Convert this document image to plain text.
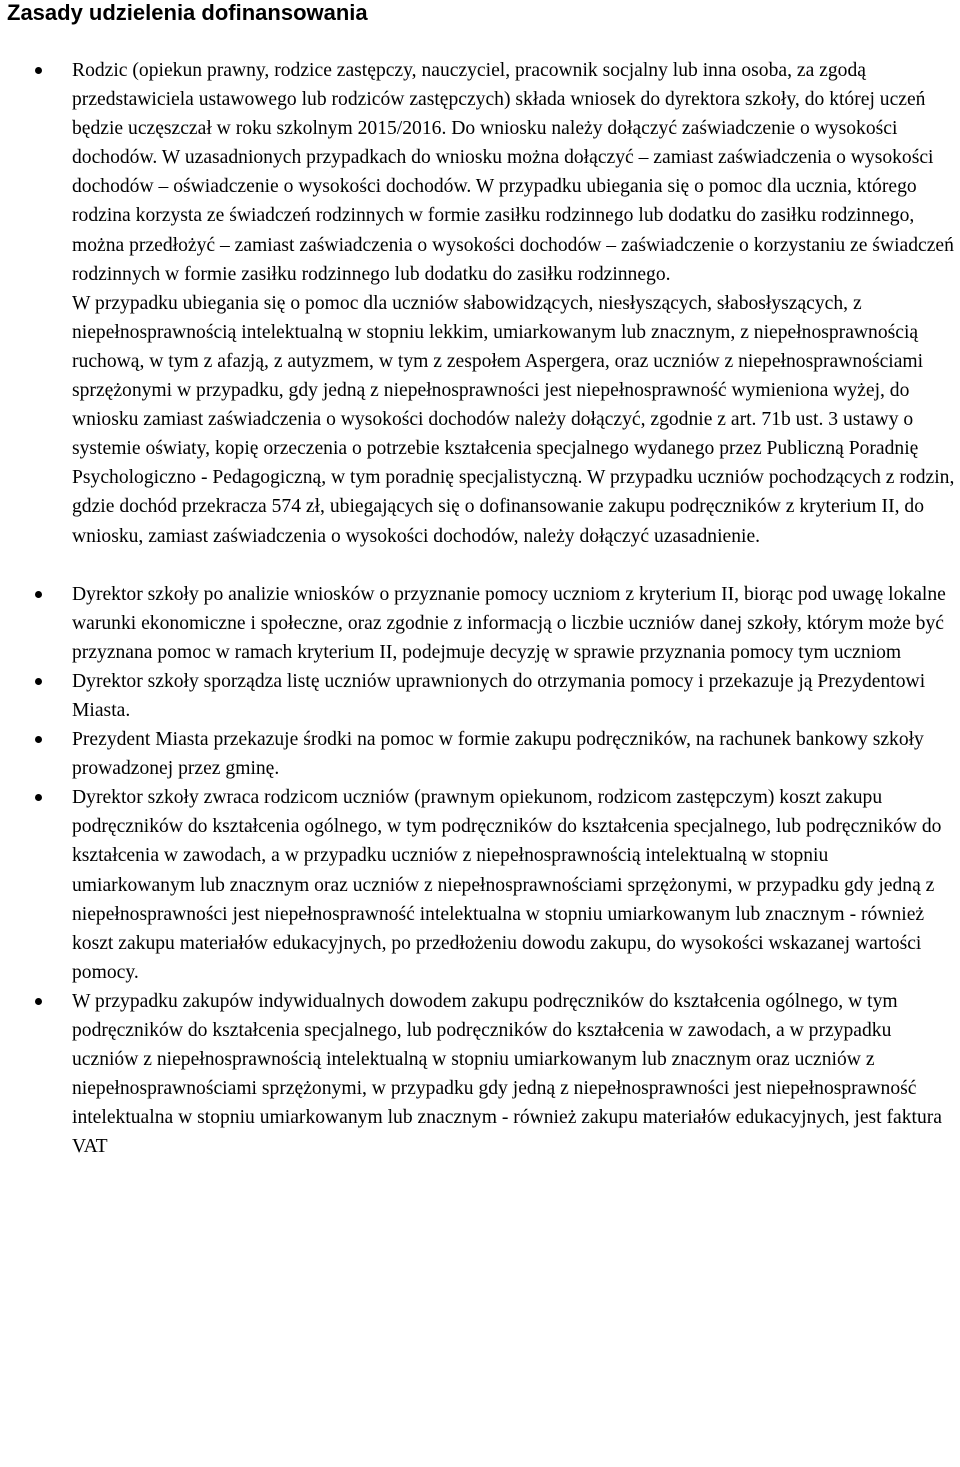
Zasady udzielenia dofinansowania

Rodzic (opiekun prawny, rodzice zastępczy, nauczyciel, pracownik socjalny lub inna osoba, za zgodą przedstawiciela ustawowego lub rodziców zastępczych) składa wniosek do dyrektora szkoły, do której uczeń będzie uczęszczał w roku szkolnym 2015/2016. Do wniosku należy dołączyć zaświadczenie o wysokości dochodów. W uzasadnionych przypadkach do wniosku można dołączyć – zamiast zaświadczenia o wysokości dochodów – oświadczenie o wysokości dochodów. W przypadku ubiegania się o pomoc dla ucznia, którego rodzina korzysta ze świadczeń rodzinnych w formie zasiłku rodzinnego lub dodatku do zasiłku rodzinnego, można przedłożyć – zamiast zaświadczenia o wysokości dochodów – zaświadczenie o korzystaniu ze świadczeń rodzinnych w formie zasiłku rodzinnego lub dodatku do zasiłku rodzinnego.

W przypadku ubiegania się o pomoc dla uczniów słabowidzących, niesłyszących, słabosłyszących, z niepełnosprawnością intelektualną w stopniu lekkim, umiarkowanym lub znacznym, z niepełnosprawnością ruchową, w tym z afazją, z autyzmem, w tym z zespołem Aspergera, oraz uczniów z niepełnosprawnościami sprzężonymi w przypadku, gdy jedną z niepełnosprawności jest niepełnosprawność wymieniona wyżej, do wniosku zamiast zaświadczenia o wysokości dochodów należy dołączyć, zgodnie z art. 71b ust. 3 ustawy o systemie oświaty, kopię orzeczenia o potrzebie kształcenia specjalnego wydanego przez Publiczną Poradnię Psychologiczno - Pedagogiczną, w tym poradnię specjalistyczną. W przypadku uczniów pochodzących z rodzin, gdzie dochód przekracza 574 zł, ubiegających się o dofinansowanie zakupu podręczników z kryterium II, do wniosku, zamiast zaświadczenia o wysokości dochodów, należy dołączyć uzasadnienie.

Dyrektor szkoły po analizie wniosków o przyznanie pomocy uczniom z kryterium II, biorąc pod uwagę lokalne warunki ekonomiczne i społeczne, oraz zgodnie z informacją o liczbie uczniów danej szkoły, którym może być przyznana pomoc w ramach kryterium II, podejmuje decyzję w sprawie przyznania pomocy tym uczniom

Dyrektor szkoły sporządza listę uczniów uprawnionych do otrzymania pomocy i przekazuje ją Prezydentowi Miasta.

Prezydent Miasta przekazuje środki na pomoc w formie zakupu podręczników, na rachunek bankowy szkoły prowadzonej przez gminę.

Dyrektor szkoły zwraca rodzicom uczniów (prawnym opiekunom, rodzicom zastępczym) koszt zakupu podręczników do kształcenia ogólnego, w tym podręczników do kształcenia specjalnego, lub podręczników do kształcenia w zawodach, a w przypadku uczniów z niepełnosprawnością intelektualną w stopniu umiarkowanym lub znacznym oraz uczniów z niepełnosprawnościami sprzężonymi, w przypadku gdy jedną z niepełnosprawności jest niepełnosprawność intelektualna w stopniu umiarkowanym lub znacznym - również koszt zakupu materiałów edukacyjnych, po przedłożeniu dowodu zakupu, do wysokości wskazanej wartości pomocy.

W przypadku zakupów indywidualnych dowodem zakupu podręczników do kształcenia ogólnego, w tym podręczników do kształcenia specjalnego, lub podręczników do kształcenia w zawodach, a w przypadku uczniów z niepełnosprawnością intelektualną w stopniu umiarkowanym lub znacznym oraz uczniów z niepełnosprawnościami sprzężonymi, w przypadku gdy jedną z niepełnosprawności jest niepełnosprawność intelektualna w stopniu umiarkowanym lub znacznym - również zakupu materiałów edukacyjnych, jest faktura VAT
